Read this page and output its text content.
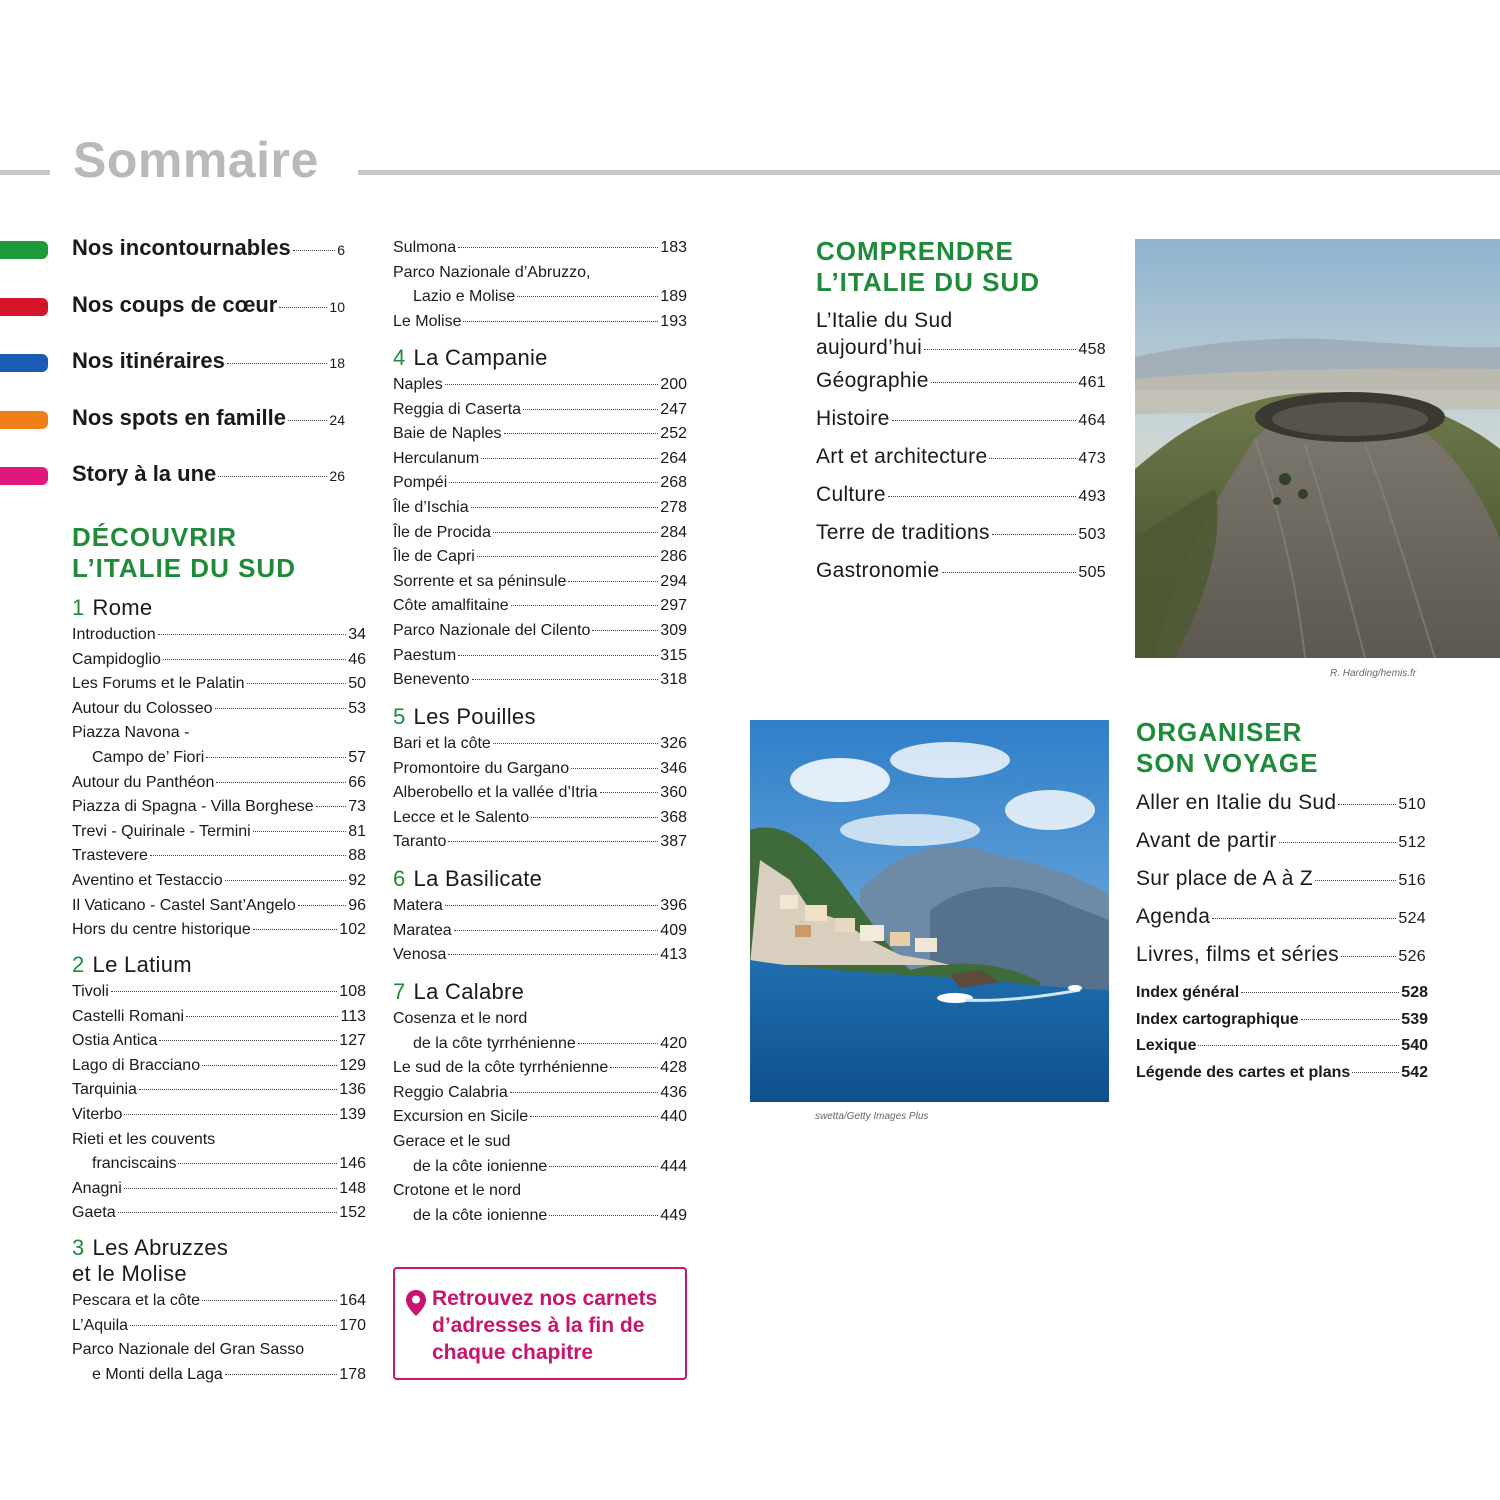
Sommaire
Nos incontournables	6
Nos coups de cœur	10
Nos itinéraires	18
Nos spots en famille	24
Story à la une	26
DÉCOUVRIR
L’ITALIE DU SUD
1 Rome
Introduction	34
Campidoglio	46
Les Forums et le Palatin	50
Autour du Colosseo	53
Piazza Navona -
Campo de’ Fiori	57
Autour du Panthéon	66
Piazza di Spagna - Villa Borghese 73
Trevi - Quirinale - Termini	81
Trastevere	88
Aventino et Testaccio	92
Il Vaticano - Castel Sant’Angelo	96
Hors du centre historique	102
2 Le Latium
Tivoli	108
Castelli Romani	113
Ostia Antica	127
Lago di Bracciano	129
Tarquinia	136
Viterbo	139
Rieti et les couvents
franciscains	146
Anagni	148
Gaeta	152
3 Les Abruzzes
et le Molise
Pescara et la côte	164
L’Aquila	170
Parco Nazionale del Gran Sasso
e Monti della Laga	178
Sulmona	183
Parco Nazionale d’Abruzzo,
Lazio e Molise	189
Le Molise	193
4 La Campanie
Naples	200
Reggia di Caserta	247
Baie de Naples	252
Herculanum	264
Pompéi	268
Île d’Ischia	278
Île de Procida	284
Île de Capri	286
Sorrente et sa péninsule	294
Côte amalfitaine	297
Parco Nazionale del Cilento	309
Paestum	315
Benevento	318
5 Les Pouilles
Bari et la côte	326
Promontoire du Gargano	346
Alberobello et la vallée d’Itria	360
Lecce et le Salento	368
Taranto	387
6 La Basilicate
Matera	396
Maratea	409
Venosa	413
7 La Calabre
Cosenza et le nord
de la côte tyrrhénienne	420
Le sud de la côte tyrrhénienne	428
Reggio Calabria	436
Excursion en Sicile	440
Gerace et le sud
de la côte ionienne	444
Crotone et le nord
de la côte ionienne	449
Retrouvez nos carnets
d’adresses à la fin de
chaque chapitre
COMPRENDRE
L’ITALIE DU SUD
L’Italie du Sud
aujourd’hui	458
Géographie	461
Histoire	464
Art et architecture	473
Culture	493
Terre de traditions	503
Gastronomie	505
R. Harding/hemis.fr
swetta/Getty Images Plus
ORGANISER
SON VOYAGE
Aller en Italie du Sud	510
Avant de partir	512
Sur place de A à Z	516
Agenda	524
Livres, films et séries	526
Index général	528
Index cartographique	539
Lexique	540
Légende des cartes et plans	542
